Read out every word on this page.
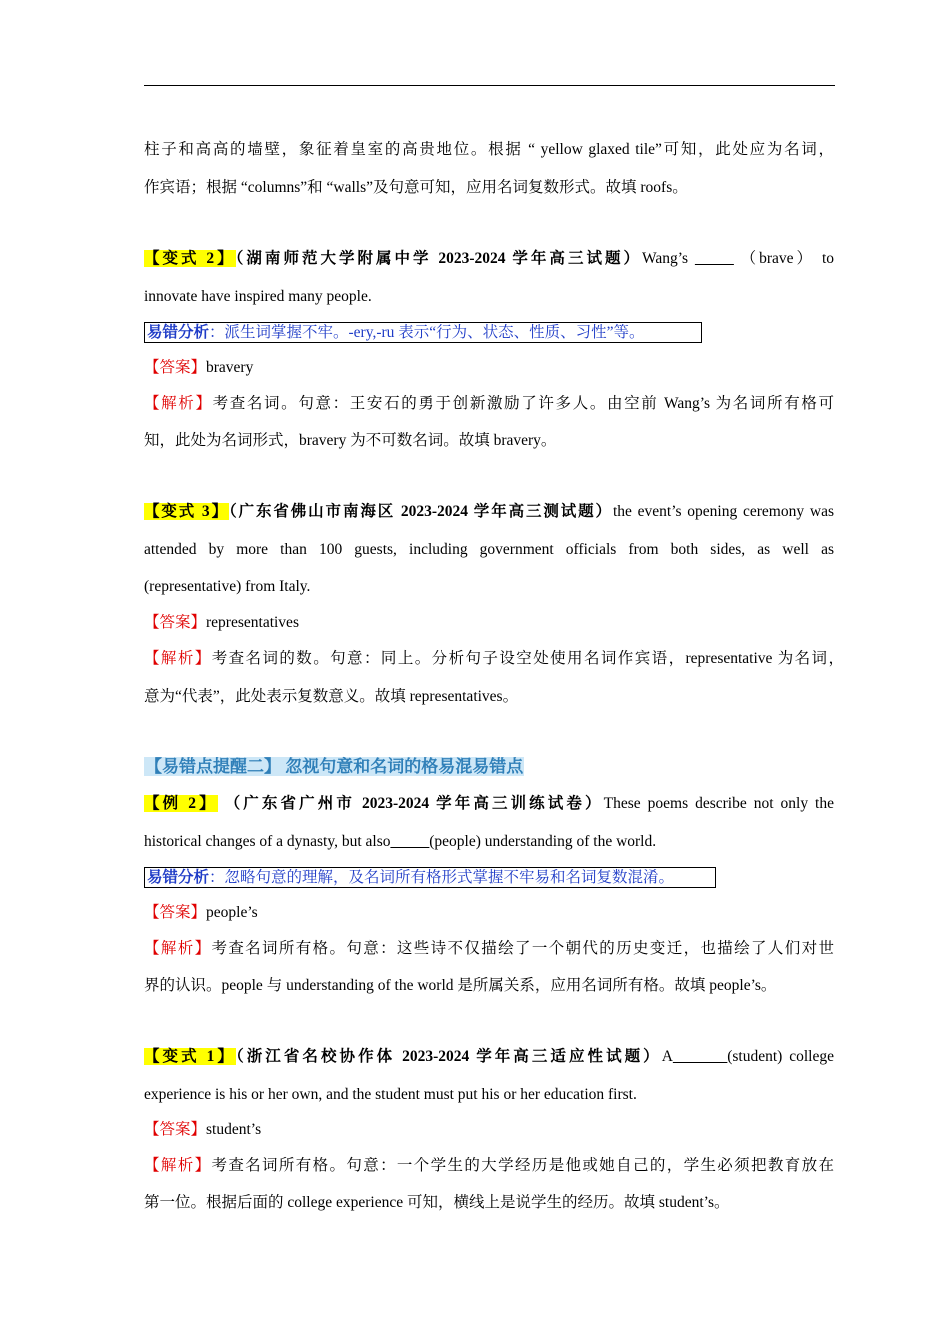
柱子和高高的墙壁，象征着皇室的高贵地位。根据 “ yellow glaxed tile”可知，此处应为名词，
作宾语；根据 “columns”和 “walls”及句意可知，应用名词复数形式。故填 roofs。
【变式 2】（湖南师范大学附属中学 2023-2024 学年高三试题）Wang’s _____ （brave） to
innovate have inspired many people.
易错分析：派生词掌握不牢。-ery,-ru 表示“行为、状态、性质、习性”等。
【答案】bravery
【解析】考查名词。句意：王安石的勇于创新激励了许多人。由空前 Wang’s 为名词所有格可
知，此处为名词形式，bravery 为不可数名词。故填 bravery。
【变式 3】（广东省佛山市南海区 2023-2024 学年高三测试题）the event’s opening ceremony was
attended by more than 100 guests, including government officials from both sides, as well as
(representative) from Italy.
【答案】representatives
【解析】考查名词的数。句意：同上。分析句子设空处使用名词作宾语，representative 为名词，
意为“代表”，此处表示复数意义。故填 representatives。
【易错点提醒二】 忽视句意和名词的格易混易错点
【例 2】 （广东省广州市 2023-2024 学年高三训练试卷）These poems describe not only the
historical changes of a dynasty, but also_____(people) understanding of the world.
易错分析：忽略句意的理解，及名词所有格形式掌握不牢易和名词复数混淆。
【答案】people’s
【解析】考查名词所有格。句意：这些诗不仅描绘了一个朝代的历史变迁，也描绘了人们对世
界的认识。people 与 understanding of the world 是所属关系，应用名词所有格。故填 people’s。
【变式 1】（浙江省名校协作体 2023-2024 学年高三适应性试题）A_______(student) college
experience is his or her own, and the student must put his or her education first.
【答案】student’s
【解析】考查名词所有格。句意：一个学生的大学经历是他或她自己的，学生必须把教育放在
第一位。根据后面的 college experience 可知，横线上是说学生的经历。故填 student’s。
